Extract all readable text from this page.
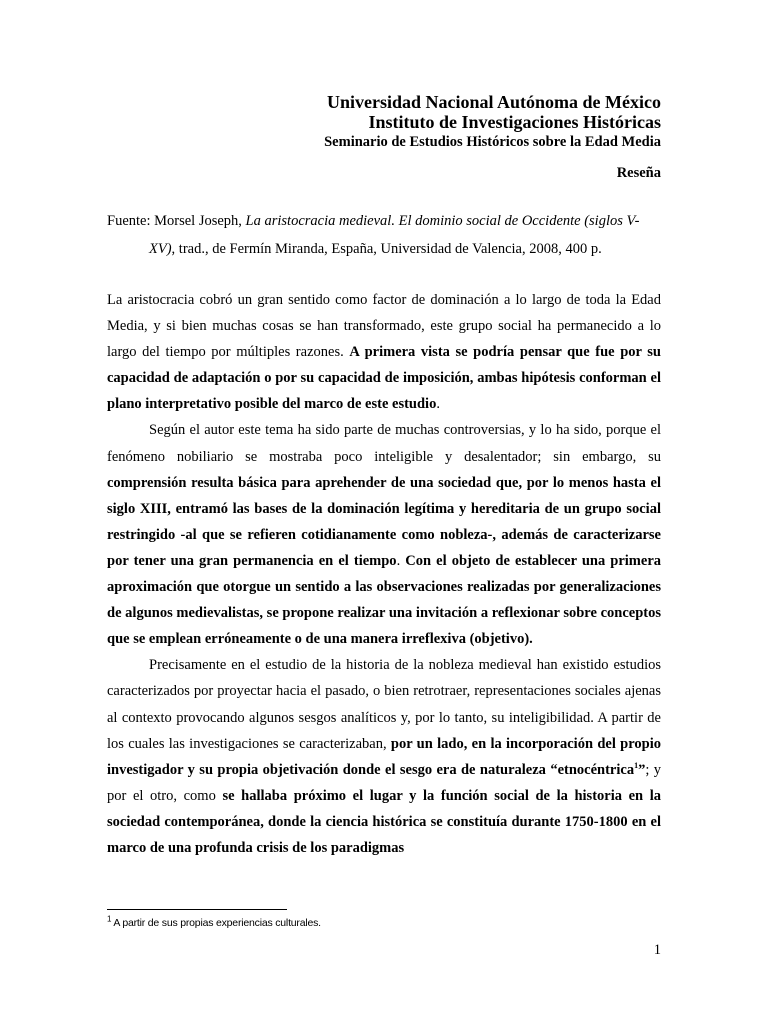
Universidad Nacional Autónoma de México
Instituto de Investigaciones Históricas
Seminario de Estudios Históricos sobre la Edad Media
Reseña
Fuente: Morsel Joseph, La aristocracia medieval. El dominio social de Occidente (siglos V-
XV), trad., de Fermín Miranda, España, Universidad de Valencia, 2008, 400 p.

La aristocracia cobró un gran sentido como factor de dominación a lo largo de toda la Edad Media, y si bien muchas cosas se han transformado, este grupo social ha permanecido a lo largo del tiempo por múltiples razones. A primera vista se podría pensar que fue por su capacidad de adaptación o por su capacidad de imposición, ambas hipótesis conforman el plano interpretativo posible del marco de este estudio.

Según el autor este tema ha sido parte de muchas controversias, y lo ha sido, porque el fenómeno nobiliario se mostraba poco inteligible y desalentador; sin embargo, su comprensión resulta básica para aprehender de una sociedad que, por lo menos hasta el siglo XIII, entramó las bases de la dominación legítima y hereditaria de un grupo social restringido -al que se refieren cotidianamente como nobleza-, además de caracterizarse por tener una gran permanencia en el tiempo. Con el objeto de establecer una primera aproximación que otorgue un sentido a las observaciones realizadas por generalizaciones de algunos medievalistas, se propone realizar una invitación a reflexionar sobre conceptos que se emplean erróneamente o de una manera irreflexiva (objetivo).

Precisamente en el estudio de la historia de la nobleza medieval han existido estudios caracterizados por proyectar hacia el pasado, o bien retrotraer, representaciones sociales ajenas al contexto provocando algunos sesgos analíticos y, por lo tanto, su inteligibilidad. A partir de los cuales las investigaciones se caracterizaban, por un lado, en la incorporación del propio investigador y su propia objetivación donde el sesgo era de naturaleza “etnocéntrica$^1$”; y por el otro, como se hallaba próximo el lugar y la función social de la historia en la sociedad contemporánea, donde la ciencia histórica se constituía durante 1750-1800 en el marco de una profunda crisis de los paradigmas

$^1$ A partir de sus propias experiencias culturales.
1
